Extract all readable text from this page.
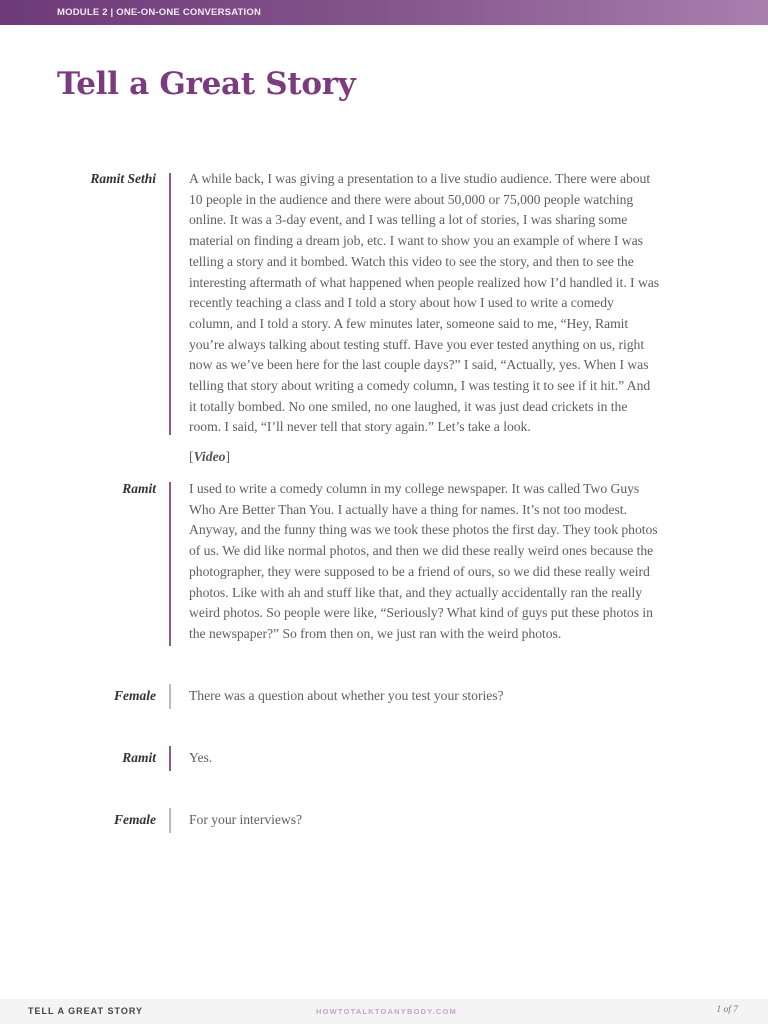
MODULE 2 | ONE-ON-ONE CONVERSATION
Tell a Great Story
Ramit Sethi A while back, I was giving a presentation to a live studio audience. There were about 10 people in the audience and there were about 50,000 or 75,000 people watching online. It was a 3-day event, and I was telling a lot of stories, I was sharing some material on finding a dream job, etc. I want to show you an example of where I was telling a story and it bombed. Watch this video to see the story, and then to see the interesting aftermath of what happened when people realized how I’d handled it. I was recently teaching a class and I told a story about how I used to write a comedy column, and I told a story. A few minutes later, someone said to me, “Hey, Ramit you’re always talking about testing stuff. Have you ever tested anything on us, right now as we’ve been here for the last couple days?” I said, “Actually, yes. When I was telling that story about writing a comedy column, I was testing it to see if it hit.” And it totally bombed. No one smiled, no one laughed, it was just dead crickets in the room. I said, “I’ll never tell that story again.” Let’s take a look.

[Video]
Ramit I used to write a comedy column in my college newspaper. It was called Two Guys Who Are Better Than You. I actually have a thing for names. It’s not too modest. Anyway, and the funny thing was we took these photos the first day. They took photos of us. We did like normal photos, and then we did these really weird ones because the photographer, they were supposed to be a friend of ours, so we did these really weird photos. Like with ah and stuff like that, and they actually accidentally ran the really weird photos. So people were like, “Seriously? What kind of guys put these photos in the newspaper?” So from then on, we just ran with the weird photos.

Female There was a question about whether you test your stories?

Ramit Yes.

Female For your interviews?

TELL A GREAT STORY	HOWTOTALKTOANYBODY.COM	1 of 7
